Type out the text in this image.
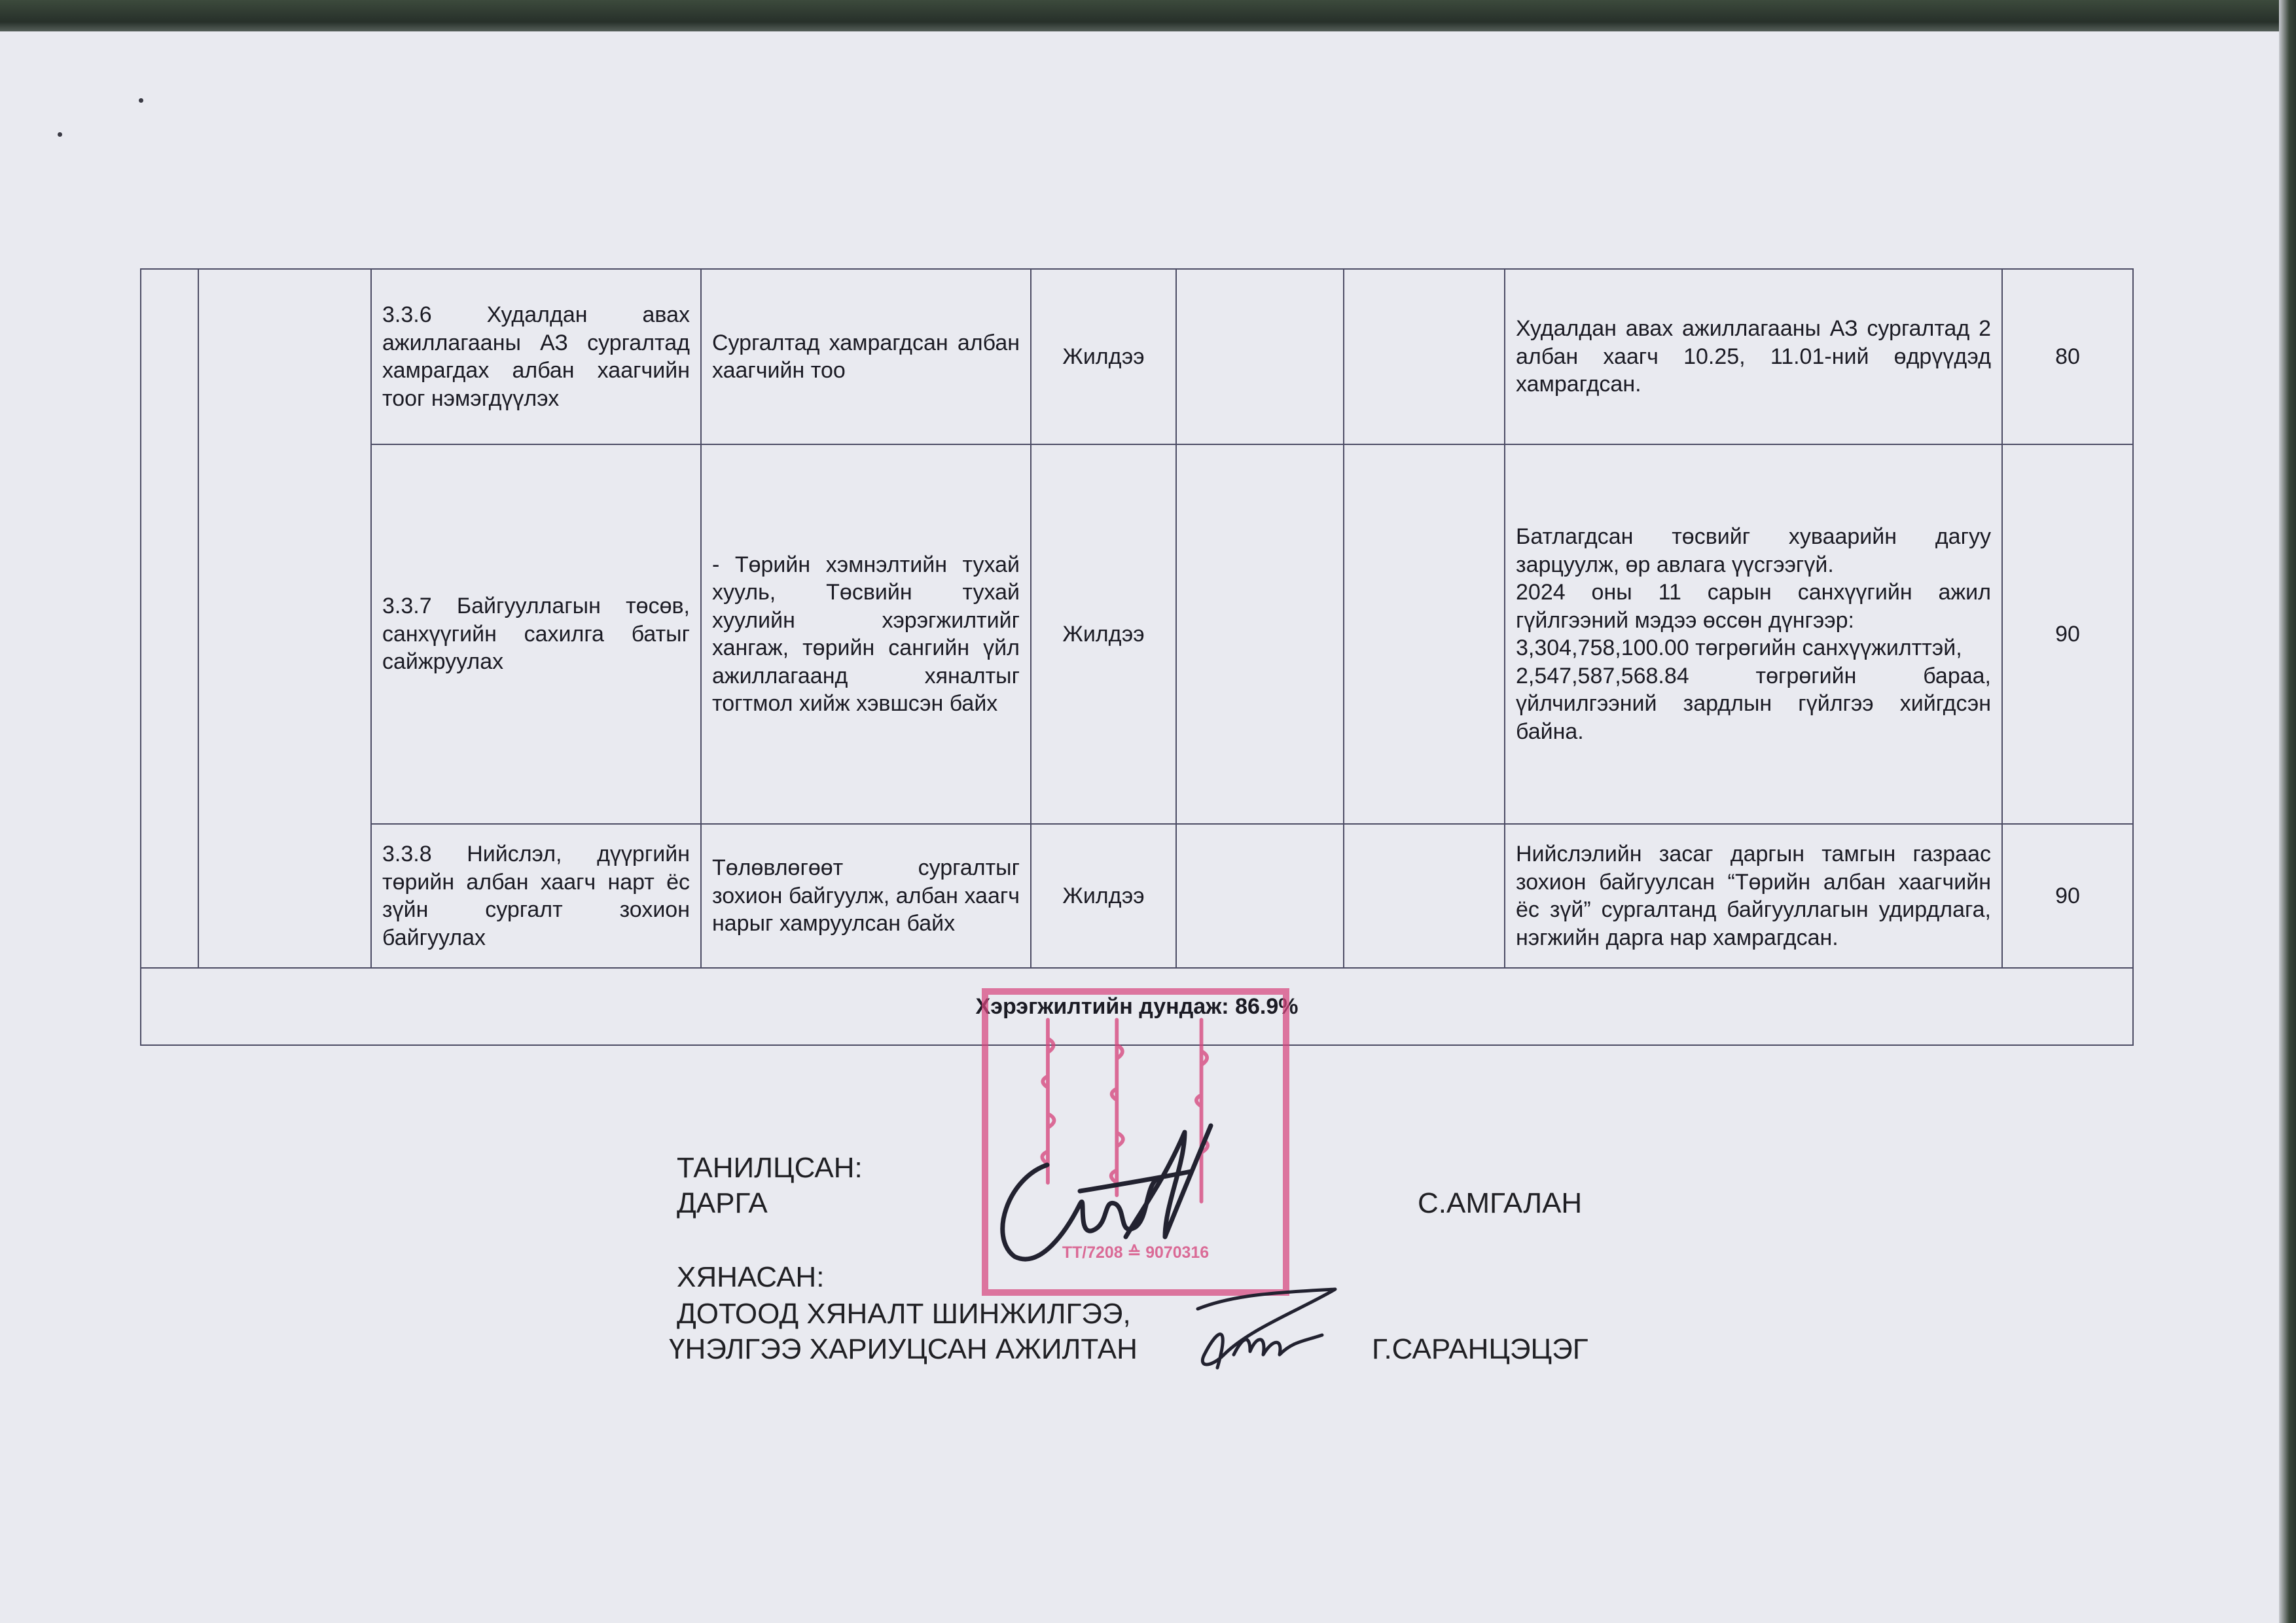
		3.3.6 Худалдан авах ажиллагааны АЗ сургалтад хамрагдах албан хаагчийн тоог нэмэгдүүлэх	Сургалтад хамрагдсан албан хаагчийн тоо	Жилдээ			Худалдан авах ажиллагааны АЗ сургалтад 2 албан хаагч 10.25, 11.01-ний өдрүүдэд хамрагдсан.	80
		3.3.7 Байгууллагын төсөв, санхүүгийн сахилга батыг сайжруулах	- Төрийн хэмнэлтийн тухай хууль, Төсвийн тухай хуулийн хэрэгжилтийг хангаж, төрийн сангийн үйл ажиллагаанд хяналтыг тогтмол хийж хэвшсэн байх	Жилдээ			Батлагдсан төсвийг хуваарийн дагуу зарцуулж, өр авлага үүсгээгүй.
2024 оны 11 сарын санхүүгийн ажил гүйлгээний мэдээ өссөн дүнгээр:
3,304,758,100.00 төгрөгийн санхүүжилттэй,
2,547,587,568.84 төгрөгийн бараа, үйлчилгээний зардлын гүйлгээ хийгдсэн байна.	90
		3.3.8 Нийслэл, дүүргийн төрийн албан хаагч нарт ёс зүйн сургалт зохион байгуулах	Төлөвлөгөөт сургалтыг зохион байгуулж, албан хаагч нарыг хамруулсан байх	Жилдээ			Нийслэлийн засаг даргын тамгын газраас зохион байгуулсан “Төрийн албан хаагчийн ёс зүй” сургалтанд байгууллагын удирдлага, нэгжийн дарга нар хамрагдсан.	90
Хэрэгжилтийн дундаж: 86.9%								
ТТ/7208 ≙ 9070316
ТАНИЛЦСАН:
ДАРГА	С.АМГАЛАН
ХЯНАСАН:
ДОТООД ХЯНАЛТ ШИНЖИЛГЭЭ,
ҮНЭЛГЭЭ ХАРИУЦСАН АЖИЛТАН	Г.САРАНЦЭЦЭГ
